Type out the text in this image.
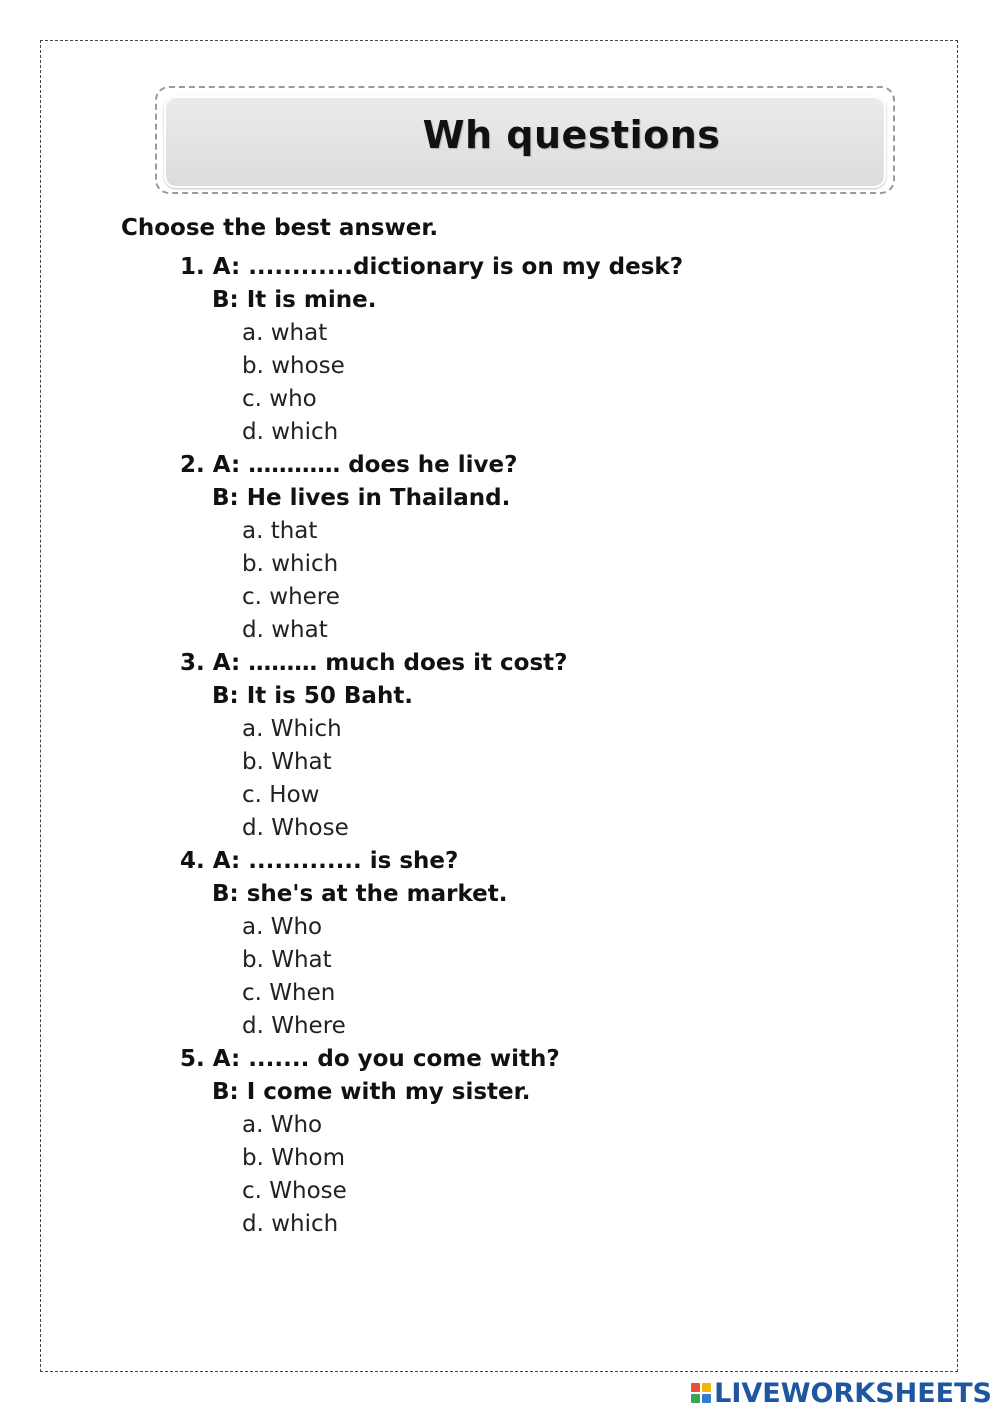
Wh questions

Choose the best answer.

1. A: ............dictionary is on my desk?
B: It is mine.
a. what
b. whose
c. who
d. which
2. A: ………… does he live?
B: He lives in Thailand.
a. that
b. which
c. where
d. what
3. A: ……… much does it cost?
B: It is 50 Baht.
a. Which
b. What
c. How
d. Whose
4. A: ............. is she?
B: she's at the market.
a. Who
b. What
c. When
d. Where
5. A: ....... do you come with?
B: I come with my sister.
a. Who
b. Whom
c. Whose
d. which
LIVEWORKSHEETS
